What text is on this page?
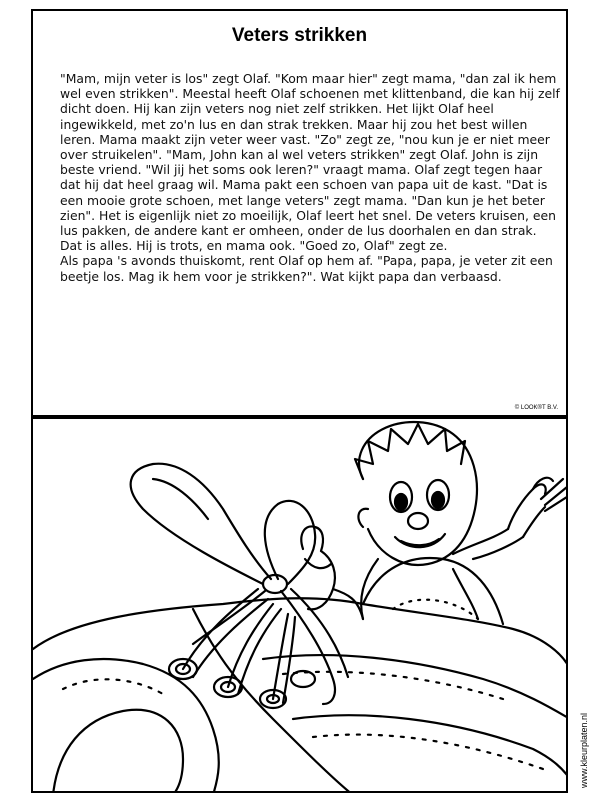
Veters strikken

"Mam, mijn veter is los" zegt Olaf. "Kom maar hier" zegt mama, "dan zal ik hem wel even strikken". Meestal heeft Olaf schoenen met klittenband, die kan hij zelf dicht doen. Hij kan zijn veters nog niet zelf strikken. Het lijkt Olaf heel ingewikkeld, met zo'n lus en dan strak trekken. Maar hij zou het best willen leren. Mama maakt zijn veter weer vast. "Zo" zegt ze, "nou kun je er niet meer over struikelen". "Mam, John kan al wel veters strikken" zegt Olaf. John is zijn beste vriend. "Wil jij het soms ook leren?" vraagt mama. Olaf zegt tegen haar dat hij dat heel graag wil. Mama pakt een schoen van papa uit de kast. "Dat is een mooie grote schoen, met lange veters" zegt mama. "Dan kun je het beter zien". Het is eigenlijk niet zo moeilijk, Olaf leert het snel. De veters kruisen, een lus pakken, de andere kant er omheen, onder de lus doorhalen en dan strak. Dat is alles. Hij is trots, en mama ook. "Goed zo, Olaf" zegt ze.

Als papa 's avonds thuiskomt, rent Olaf op hem af. "Papa, papa, je veter zit een beetje los. Mag ik hem voor je strikken?". Wat kijkt papa dan verbaasd.

© LOOK®T B.V.
www.kleurplaten.nl
